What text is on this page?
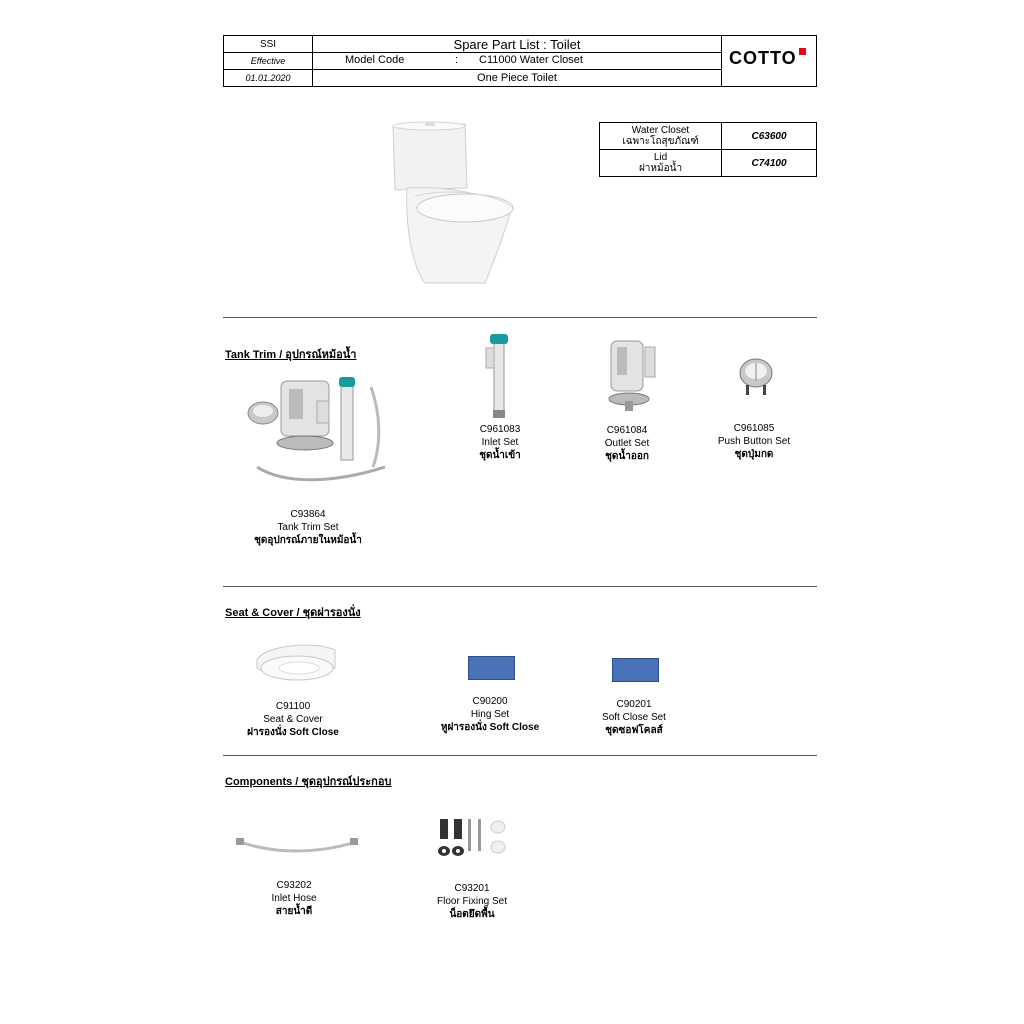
SSI	Spare Part List : Toilet	
Effective	Model Code : C11000 Water Closet	

01.01.2020	One Piece Toilet	
COTTO
Water Closet
เฉพาะโถสุขภัณฑ์	C63600

Lid
ฝาหม้อน้ำ	C74100
Tank Trim / อุปกรณ์หม้อน้ำ
C93864
Tank Trim Set
ชุดอุปกรณ์ภายในหม้อน้ำ
C961083
Inlet Set
ชุดน้ำเข้า
C961084
Outlet Set
ชุดน้ำออก
C961085
Push Button Set
ชุดปุ่มกด
Seat & Cover / ชุดฝารองนั่ง
C91100
Seat & Cover
ฝารองนั่ง Soft Close
C90200
Hing Set
หูฝารองนั่ง Soft Close
C90201
Soft Close Set
ชุดซอฟโคลส์
Components / ชุดอุปกรณ์ประกอบ
C93202
Inlet Hose
สายน้ำดี
C93201
Floor Fixing Set
น็อตยึดพื้น
